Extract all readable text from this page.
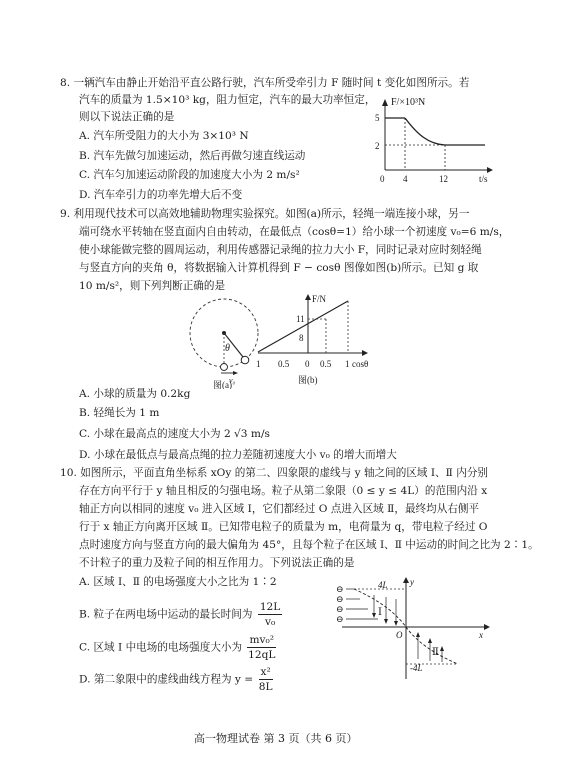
8. 一辆汽车由静止开始沿平直公路行驶，汽车所受牵引力 F 随时间 t 变化如图所示。若
汽车的质量为 1.5×10³ kg，阻力恒定，汽车的最大功率恒定，
则以下说法正确的是
A. 汽车所受阻力的大小为 3×10³ N
B. 汽车先做匀加速运动，然后再做匀速直线运动
C. 汽车匀加速运动阶段的加速度大小为 2 m/s²
D. 汽车牵引力的功率先增大后不变
F/×10³N
t/s
5
2
0 4	12
9. 利用现代技术可以高效地辅助物理实验探究。如图(a)所示，轻绳一端连接小球，另一
端可绕水平转轴在竖直面内自由转动，在最低点（cosθ=1）给小球一个初速度 v₀=6 m/s，
使小球能做完整的圆周运动，利用传感器记录绳的拉力大小 F，同时记录对应时刻轻绳
与竖直方向的夹角 θ，将数据输入计算机得到 F − cosθ 图像如图(b)所示。已知 g 取
10 m/s²，则下列判断正确的是
θ
v₀
图(a)
F/N
cosθ
11
8
1 0.5 0 0.5 1
图(b)
A. 小球的质量为 0.2kg
B. 轻绳长为 1 m
C. 小球在最高点的速度大小为 2 √3 m/s
D. 小球在最低点与最高点绳的拉力差随初速度大小 v₀ 的增大而增大
10. 如图所示，平面直角坐标系 xOy 的第二、四象限的虚线与 y 轴之间的区域 Ⅰ、Ⅱ 内分别
存在方向平行于 y 轴且相反的匀强电场。粒子从第二象限（0 ≤ y ≤ 4L）的范围内沿 x
轴正方向以相同的速度 v₀ 进入区域 Ⅰ，它们都经过 O 点进入区域 Ⅱ，最终均从右侧平
行于 x 轴正方向离开区域 Ⅱ。已知带电粒子的质量为 m，电荷量为 q，带电粒子经过 O
点时速度方向与竖直方向的最大偏角为 45°，且每个粒子在区域 Ⅰ、Ⅱ 中运动的时间之比为 2∶1。
不计粒子的重力及粒子间的相互作用力。下列说法正确的是
A. 区域 Ⅰ、Ⅱ 的电场强度大小之比为 1∶2
B. 粒子在两电场中运动的最长时间为 $\frac{12L}{\text{v₀}}$
C. 区域 Ⅰ 中电场的电场强度大小为 $\frac{\text{mv₀²}}{12qL}$
D. 第二象限中的虚线曲线方程为 $y = \frac{\text{x²}}{8L}$
y
x
O
4L
-4L
Ⅰ
Ⅱ
⊖
⊖
⊖
⊖
高一物理试卷 第 3 页（共 6 页）
